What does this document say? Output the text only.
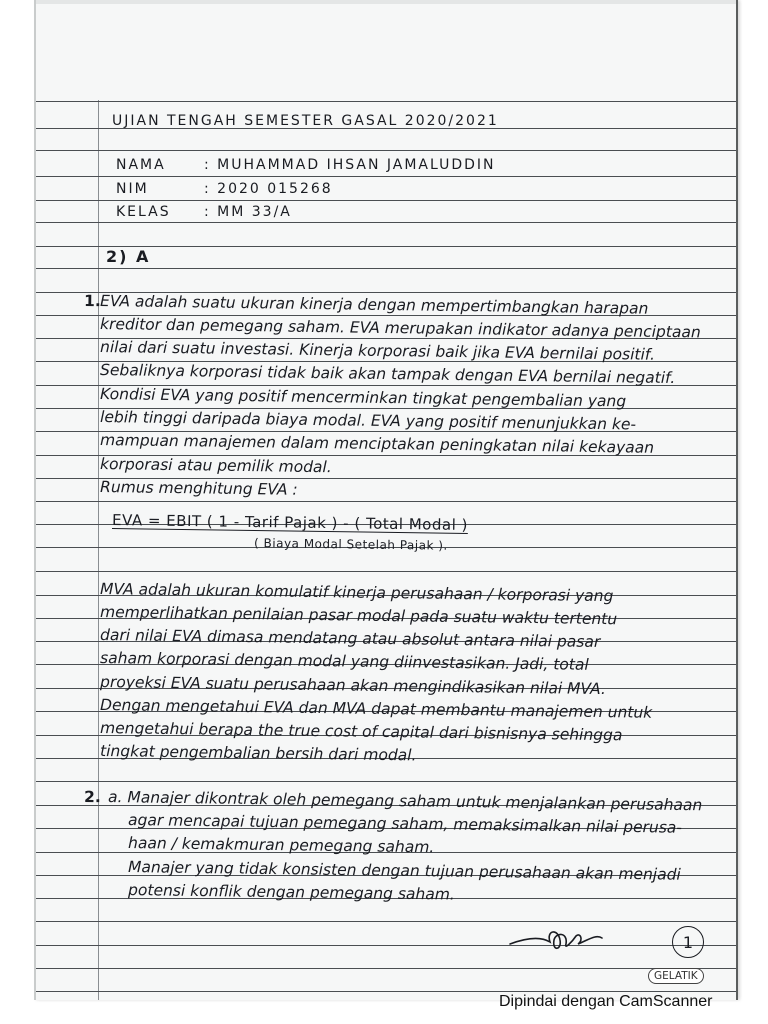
UJIAN TENGAH SEMESTER GASAL 2020/2021
NAMA	: MUHAMMAD IHSAN JAMALUDDIN
NIM	: 2020 015268
KELAS : MM 33/A
2) A
1. EVA adalah suatu ukuran kinerja dengan mempertimbangkan harapan
kreditor dan pemegang saham. EVA merupakan indikator adanya penciptaan
nilai dari suatu investasi. Kinerja korporasi baik jika EVA bernilai positif.
Sebaliknya korporasi tidak baik akan tampak dengan EVA bernilai negatif.
Kondisi EVA yang positif mencerminkan tingkat pengembalian yang
lebih tinggi daripada biaya modal. EVA yang positif menunjukkan ke-
mampuan manajemen dalam menciptakan peningkatan nilai kekayaan
korporasi atau pemilik modal.
Rumus menghitung EVA :
EVA = EBIT ( 1 - Tarif Pajak ) - ( Total Modal )
( Biaya Modal Setelah Pajak ).
MVA adalah ukuran komulatif kinerja perusahaan / korporasi yang
memperlihatkan penilaian pasar modal pada suatu waktu tertentu
dari nilai EVA dimasa mendatang atau absolut antara nilai pasar
saham korporasi dengan modal yang diinvestasikan. Jadi, total
proyeksi EVA suatu perusahaan akan mengindikasikan nilai MVA.
Dengan mengetahui EVA dan MVA dapat membantu manajemen untuk
mengetahui berapa the true cost of capital dari bisnisnya sehingga
tingkat pengembalian bersih dari modal.
2. a. Manajer dikontrak oleh pemegang saham untuk menjalankan perusahaan
agar mencapai tujuan pemegang saham, memaksimalkan nilai perusa-
haan / kemakmuran pemegang saham.
Manajer yang tidak konsisten dengan tujuan perusahaan akan menjadi
potensi konflik dengan pemegang saham.
1
GELATIK
Dipindai dengan CamScanner
